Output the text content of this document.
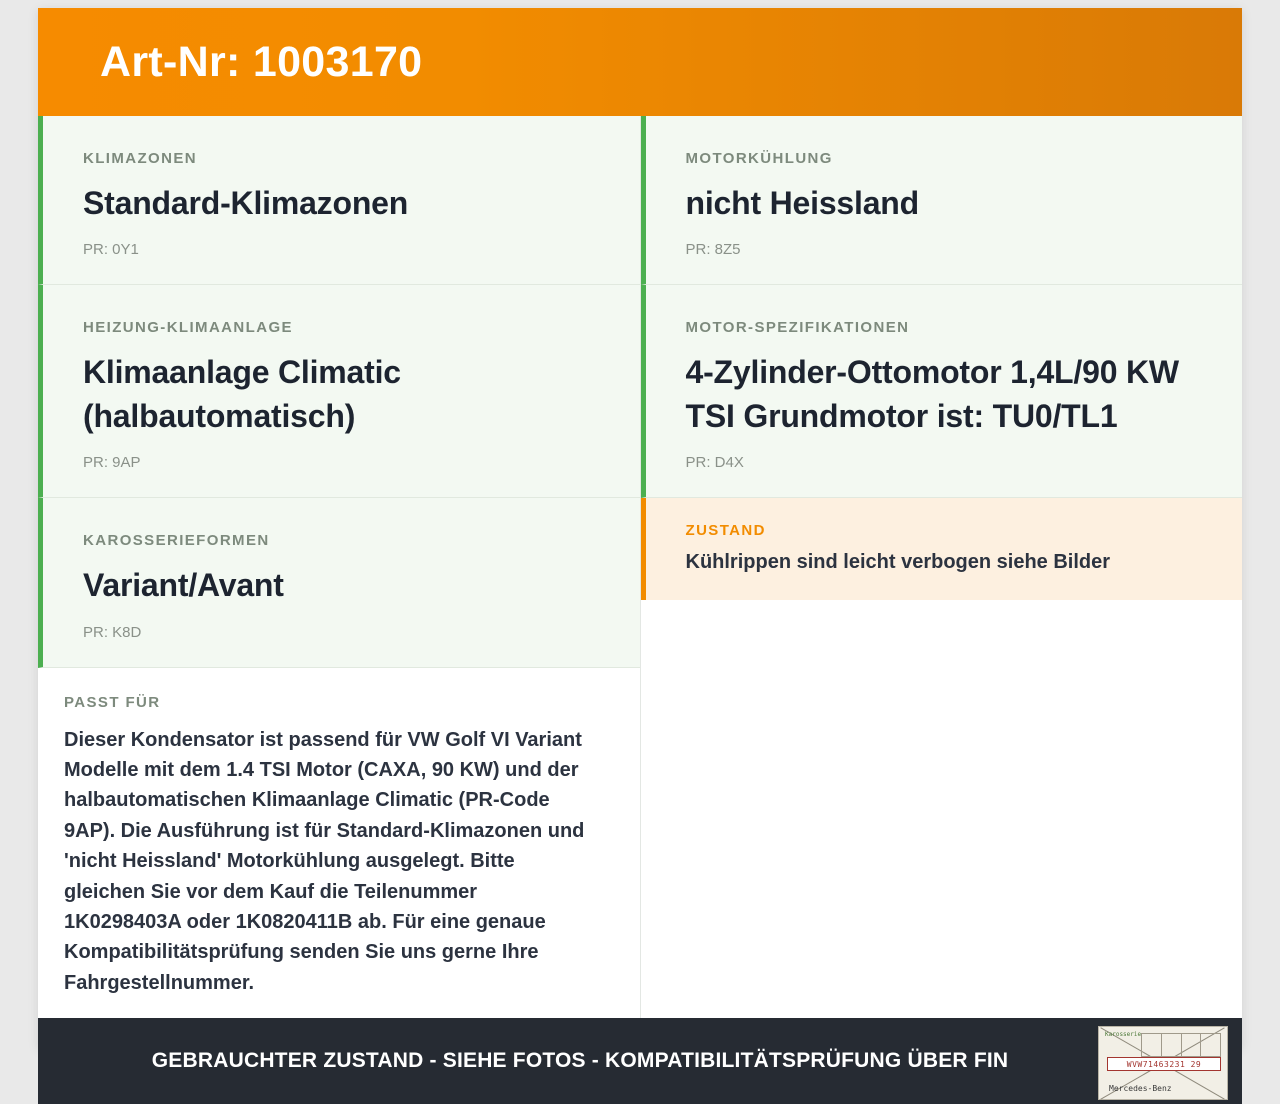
Art-Nr: 1003170
KLIMAZONEN
Standard-Klimazonen
PR: 0Y1
HEIZUNG-KLIMAANLAGE
Klimaanlage Climatic (halbautomatisch)
PR: 9AP
KAROSSERIEFORMEN
Variant/Avant
PR: K8D
PASST FÜR
Dieser Kondensator ist passend für VW Golf VI Variant Modelle mit dem 1.4 TSI Motor (CAXA, 90 KW) und der halbautomatischen Klimaanlage Climatic (PR-Code 9AP). Die Ausführung ist für Standard-Klimazonen und 'nicht Heissland' Motorkühlung ausgelegt. Bitte gleichen Sie vor dem Kauf die Teilenummer 1K0298403A oder 1K0820411B ab. Für eine genaue Kompatibilitätsprüfung senden Sie uns gerne Ihre Fahrgestellnummer.
MOTORKÜHLUNG
nicht Heissland
PR: 8Z5
MOTOR-SPEZIFIKATIONEN
4-Zylinder-Ottomotor 1,4L/90 KW TSI Grundmotor ist: TU0/TL1
PR: D4X
ZUSTAND
Kühlrippen sind leicht verbogen siehe Bilder
GEBRAUCHTER ZUSTAND - SIEHE FOTOS - KOMPATIBILITÄTSPRÜFUNG ÜBER FIN
Karosserie
WVW71463231 29
Mercedes-Benz
